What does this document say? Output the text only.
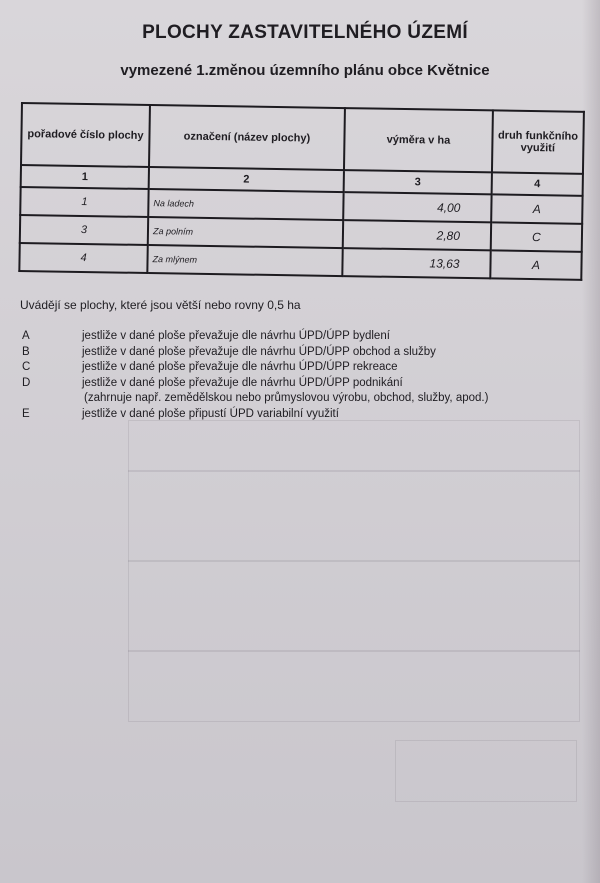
PLOCHY ZASTAVITELNÉHO ÚZEMÍ
vymezené 1.změnou územního plánu obce Květnice
pořadové číslo plochy	označení (název plochy)	výměra v ha	druh funkčního využití
1	2	3	4
1	Na ladech	4,00	A
3	Za polním	2,80	C
4	Za mlýnem	13,63	A
Uvádějí se plochy, které jsou větší nebo rovny 0,5 ha
A	jestliže v dané ploše převažuje dle návrhu ÚPD/ÚPP bydlení
B	jestliže v dané ploše převažuje dle návrhu ÚPD/ÚPP obchod a služby
C	jestliže v dané ploše převažuje dle návrhu ÚPD/ÚPP rekreace
D	jestliže v dané ploše převažuje dle návrhu ÚPD/ÚPP podnikání
(zahrnuje např. zemědělskou nebo průmyslovou výrobu, obchod, služby, apod.)
E	jestliže v dané ploše připustí ÚPD variabilní využití
